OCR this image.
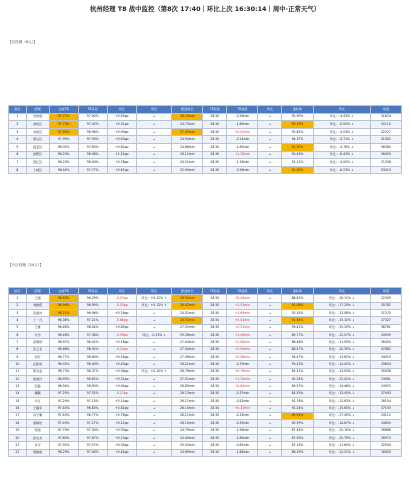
杭州经理 T8 战中监控（第8次 17:40｜环比上次 16:30:14｜周中·正常天气）
【区经理（6人）】
排名	经理	完成T8	T8目标	环比	环比	配送时长	T8目标	T8差值	环比	准时率	环比	单量
1	未知数	97.72%	97.00%	+0.55pp	→	28.24min	28.50	-0.26min	→	92.90%	环比：-4.43% ↓	31824
2	余杭区	97.73%	97.42%	+0.31pp	→	24.73min	28.50	-1.80min	→	90.19%	环比：-0.00% ↓	50110
3	未知区	97.96%	96.96%	+0.99pp	→	27.45min	28.50	+0.05min	→	92.62%	环比：-4.03% ↓	32227
4	萧山区	97.99%	97.59%	+0.40pp	→	24.94min	28.50	-0.14min	→	94.37%	环比：-3.71% ↓	41562
5	临安区	98.02%	97.63%	+0.62pp	→	24.66min	28.50	-1.65min	→	91.30%	环比：-4.76% ↓	36360
6	拱墅区	96.20%	96.96%	+1.24pp	→	26.12min	28.50	+1.30min	→	90.49%	环比：-6.43% ↓	56409
7	滨江区	96.20%	96.49%	+0.78pp	→	24.51min	28.50	-1.18min	→	91.12%	环比：-4.00% ↓	21256
8	上城区	98.44%	97.77%	+0.67pp	→	22.94min	28.50	-3.56min	→	91.00%	环比：-6.23% ↓	53019
【片区经理（24人）】
排名	经理	完成T8	T8目标	环比	环比	配送时长	T8目标	T8差值	环比	准时率	环比	单量
1	王强	98.63%	96.29%	-0.07pp	环比：+0.12% ↑	28.54min	28.50	+0.04min	→	88.61%	环比：-10.11% ↓	22309
2	刘晓阳	96.96%	96.99%	-0.03pp	环比：+0.12% ↑	28.42min	28.50	+1.33min	→	91.08%	环比：-17.20% ↓	35782
3	张振伟	96.27%	96.96%	+0.16pp	→	24.02min	28.50	+1.69min	→	92.33%	环比：-13.08% ↓	21370
4	丁一凡	96.36%	97.21%	-0.86pp	→	28.53min	28.50	+0.03min	→	91.46%	环比：-15.32% ↓	37327
5	王豪	96.46%	96.44%	+0.85pp	→	27.52min	28.50	+2.31min	→	93.42%	环比：-15.20% ↓	38761
6	方玲	96.46%	97.08%	-0.39pp	环比：-0.13% ↓	29.26min	28.50	+1.49min	→	89.77%	环比：-12.07% ↓	34595
7	邓明珍	96.97%	96.42%	+0.18pp	→	27.04min	28.50	+2.08min	→	88.46%	环比：-11.93% ↓	36400
8	张云龙	96.68%	96.92%	-0.24pp	→	27.44min	28.50	+0.94min	→	88.47%	环比：-10.35% ↓	47682
9	刘芳	96.77%	96.60%	+0.16pp	→	27.06min	28.50	+0.58min	→	94.47%	环比：-13.62% ↓	34019
10	汪新雨	96.92%	96.49%	+0.43pp	→	26.21min	28.50	-0.79min	→	93.23%	环比：-14.41% ↓	29843
11	陈杰成	96.73%	96.37%	+0.36pp	环比：+0.10% ↑	26.78min	28.50	+0.78min	→	85.21%	环比：-13.03% ↓	30056
12	徐美玲	96.93%	96.62%	+0.31pp	→	27.51min	28.50	+1.35min	→	92.24%	环比：-12.41% ↓	23061
13	张磊	96.94%	96.90%	+0.04pp	→	26.89min	28.50	+0.84min	→	89.57%	环比：-14.46% ↓	24923
14	魏鹏	97.25%	97.52%	-0.27pp	→	26.13min	28.50	-0.37min	→	84.53%	环比：-13.45% ↓	37493
15	卢红	97.29%	97.15%	+0.14pp	→	26.11min	28.50	-0.52min	→	92.76%	环比：-12.63% ↓	28154
16	王耀军	97.40%	96.63%	+0.82pp	→	26.14min	28.50	+0.33min	→	92.24%	环比：-15.60% ↓	37155
17	冯子墨	97.40%	96.77%	+0.78pp	→	26.11min	28.50	-0.33min	→	90.94%	环比：-17.40% ↓	24112
18	徐静怡	97.49%	97.27%	+0.22pp	→	26.10min	28.50	-0.35min	→	90.59%	环比：-14.67% ↓	34655
19	郑雨	97.79%	97.30%	+0.39pp	→	24.79min	28.50	-1.56min	→	87.45%	环比：-10.10% ↓	26686
20	孙文杰	97.80%	97.67%	+0.13pp	→	24.44min	28.50	-1.80min	→	87.93%	环比：-10.79% ↓	28973
21	许可	97.92%	97.57%	+0.35pp	→	25.43min	28.50	-0.81min	→	87.14%	环比：-11.64% ↓	32544
22	胡晓丽	96.29%	97.49%	+0.44pp	→	24.69min	28.50	-1.84min	→	86.19%	环比：-12.21% ↓	16400
